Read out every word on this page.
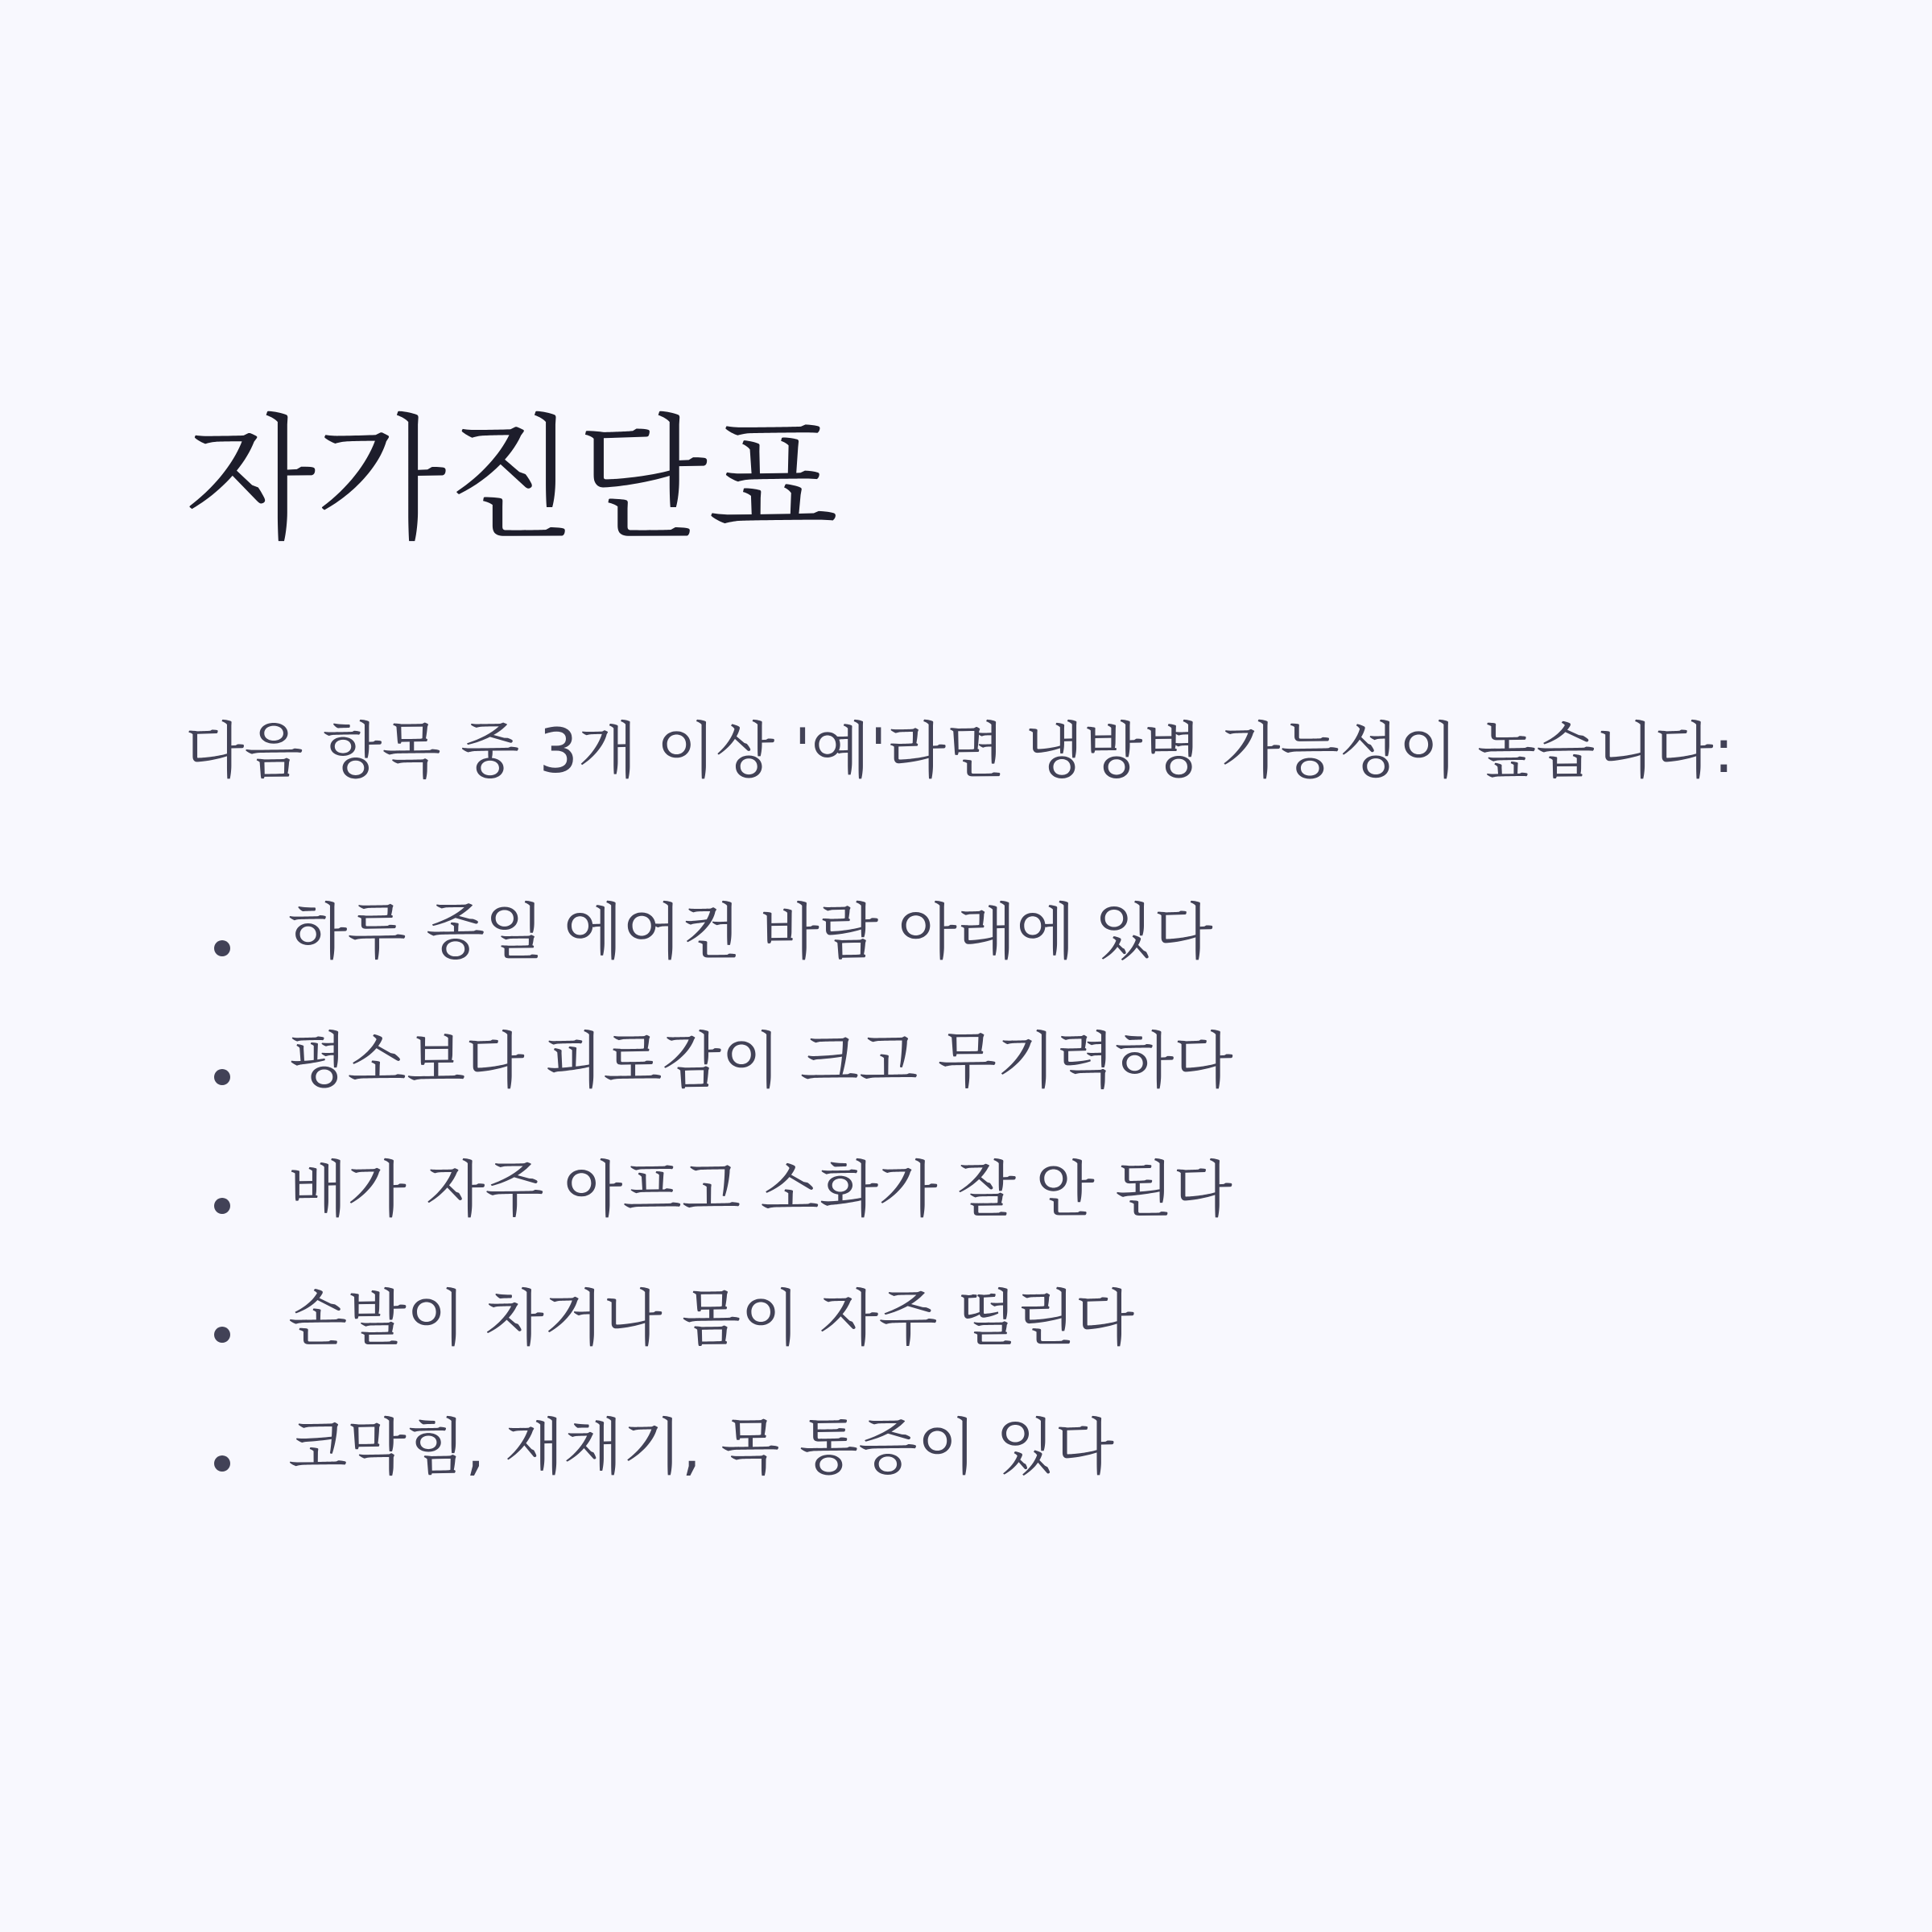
자가진단표

다음 항목 중 3개 이상 '예'라면 냉방병 가능성이 높습니다:

하루 종일 에어컨 바람 아래에 있다
평소보다 피로감이 크고 무기력하다
배가 자주 아프고 소화가 잘 안 된다
손발이 차거나 몸이 자주 떨린다
코막힘, 재채기, 목 통증이 있다
